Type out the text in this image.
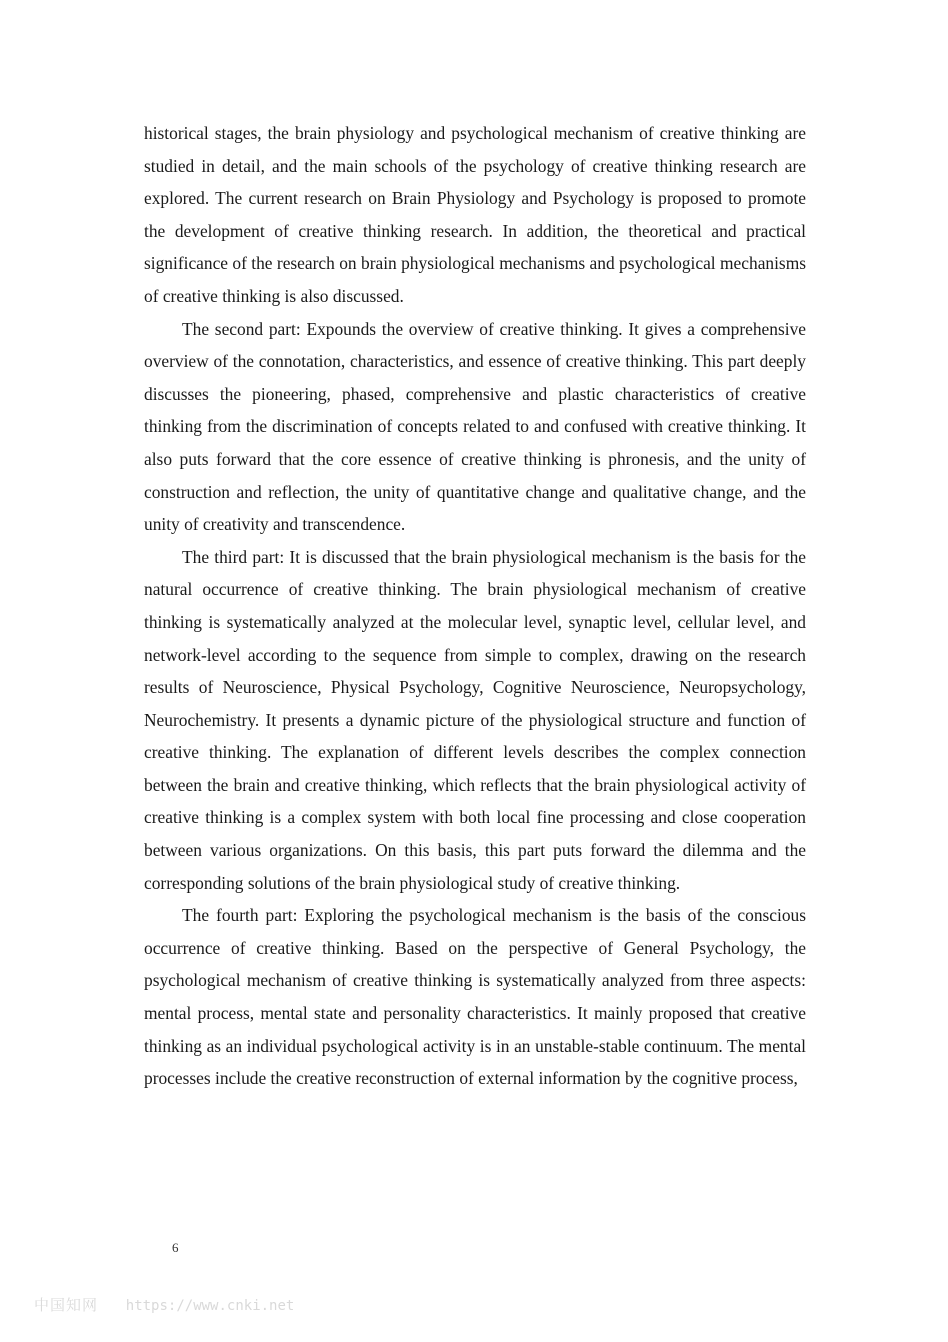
historical stages, the brain physiology and psychological mechanism of creative thinking are studied in detail, and the main schools of the psychology of creative thinking research are explored. The current research on Brain Physiology and Psychology is proposed to promote the development of creative thinking research. In addition, the theoretical and practical significance of the research on brain physiological mechanisms and psychological mechanisms of creative thinking is also discussed.

The second part: Expounds the overview of creative thinking. It gives a comprehensive overview of the connotation, characteristics, and essence of creative thinking. This part deeply discusses the pioneering, phased, comprehensive and plastic characteristics of creative thinking from the discrimination of concepts related to and confused with creative thinking. It also puts forward that the core essence of creative thinking is phronesis, and the unity of construction and reflection, the unity of quantitative change and qualitative change, and the unity of creativity and transcendence.

The third part: It is discussed that the brain physiological mechanism is the basis for the natural occurrence of creative thinking. The brain physiological mechanism of creative thinking is systematically analyzed at the molecular level, synaptic level, cellular level, and network-level according to the sequence from simple to complex, drawing on the research results of Neuroscience, Physical Psychology, Cognitive Neuroscience, Neuropsychology, Neurochemistry. It presents a dynamic picture of the physiological structure and function of creative thinking. The explanation of different levels describes the complex connection between the brain and creative thinking, which reflects that the brain physiological activity of creative thinking is a complex system with both local fine processing and close cooperation between various organizations. On this basis, this part puts forward the dilemma and the corresponding solutions of the brain physiological study of creative thinking.

The fourth part: Exploring the psychological mechanism is the basis of the conscious occurrence of creative thinking. Based on the perspective of General Psychology, the psychological mechanism of creative thinking is systematically analyzed from three aspects: mental process, mental state and personality characteristics. It mainly proposed that creative thinking as an individual psychological activity is in an unstable-stable continuum. The mental processes include the creative reconstruction of external information by the cognitive process,

6
中国知网 https://www.cnki.net
